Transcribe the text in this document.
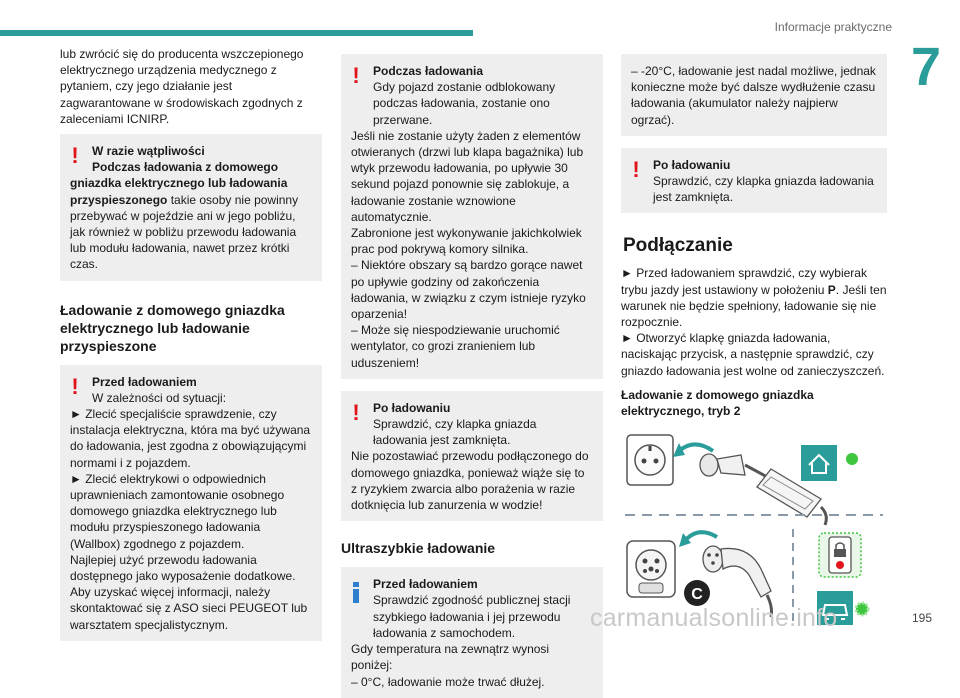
Informacje praktyczne
7

lub zwrócić się do producenta wszczepionego elektrycznego urządzenia medycznego z pytaniem, czy jego działanie jest zagwarantowane w środowiskach zgodnych z zaleceniami ICNIRP.

!	W razie wątpliwości

Podczas ładowania z domowego gniazdka elektrycznego lub ładowania przyspieszonego takie osoby nie powinny przebywać w pojeździe ani w jego pobliżu, jak również w pobliżu przewodu ładowania lub modułu ładowania, nawet przez krótki czas.

Ładowanie z domowego gniazdka elektrycznego lub ładowanie przyspieszone
!	Przed ładowaniem

W zależności od sytuacji:

► Zlecić specjaliście sprawdzenie, czy instalacja elektryczna, która ma być używana do ładowania, jest zgodna z obowiązującymi normami i z pojazdem.

► Zlecić elektrykowi o odpowiednich uprawnieniach zamontowanie osobnego domowego gniazdka elektrycznego lub modułu przyspieszonego ładowania (Wallbox) zgodnego z pojazdem.

Najlepiej użyć przewodu ładowania dostępnego jako wyposażenie dodatkowe.

Aby uzyskać więcej informacji, należy skontaktować się z ASO sieci PEUGEOT lub warsztatem specjalistycznym.

!	Podczas ładowania

Gdy pojazd zostanie odblokowany podczas ładowania, zostanie ono przerwane.

Jeśli nie zostanie użyty żaden z elementów otwieranych (drzwi lub klapa bagażnika) lub wtyk przewodu ładowania, po upływie 30 sekund pojazd ponownie się zablokuje, a ładowanie zostanie wznowione automatycznie.

Zabronione jest wykonywanie jakichkolwiek prac pod pokrywą komory silnika.

– Niektóre obszary są bardzo gorące nawet po upływie godziny od zakończenia ładowania, w związku z czym istnieje ryzyko oparzenia!

– Może się niespodziewanie uruchomić wentylator, co grozi zranieniem lub uduszeniem!

!	Po ładowaniu

Sprawdzić, czy klapka gniazda ładowania jest zamknięta.

Nie pozostawiać przewodu podłączonego do domowego gniazdka, ponieważ wiąże się to z ryzykiem zwarcia albo porażenia w razie dotknięcia lub zanurzenia w wodzie!

Ultraszybkie ładowanie

Przed ładowaniem

Sprawdzić zgodność publicznej stacji szybkiego ładowania i jej przewodu ładowania z samochodem.

Gdy temperatura na zewnątrz wynosi poniżej:

– 0°C, ładowanie może trwać dłużej.

– -20°C, ładowanie jest nadal możliwe, jednak konieczne może być dalsze wydłużenie czasu ładowania (akumulator należy najpierw ogrzać).

!	Po ładowaniu

Sprawdzić, czy klapka gniazda ładowania jest zamknięta.

Podłączanie

► Przed ładowaniem sprawdzić, czy wybierak trybu jazdy jest ustawiony w położeniu P. Jeśli ten warunek nie będzie spełniony, ładowanie się nie rozpocznie.

► Otworzyć klapkę gniazda ładowania, naciskając przycisk, a następnie sprawdzić, czy gniazdo ładowania jest wolne od zanieczyszczeń.

Ładowanie z domowego gniazdka elektrycznego, tryb 2
C
carmanualsonline.info	195
